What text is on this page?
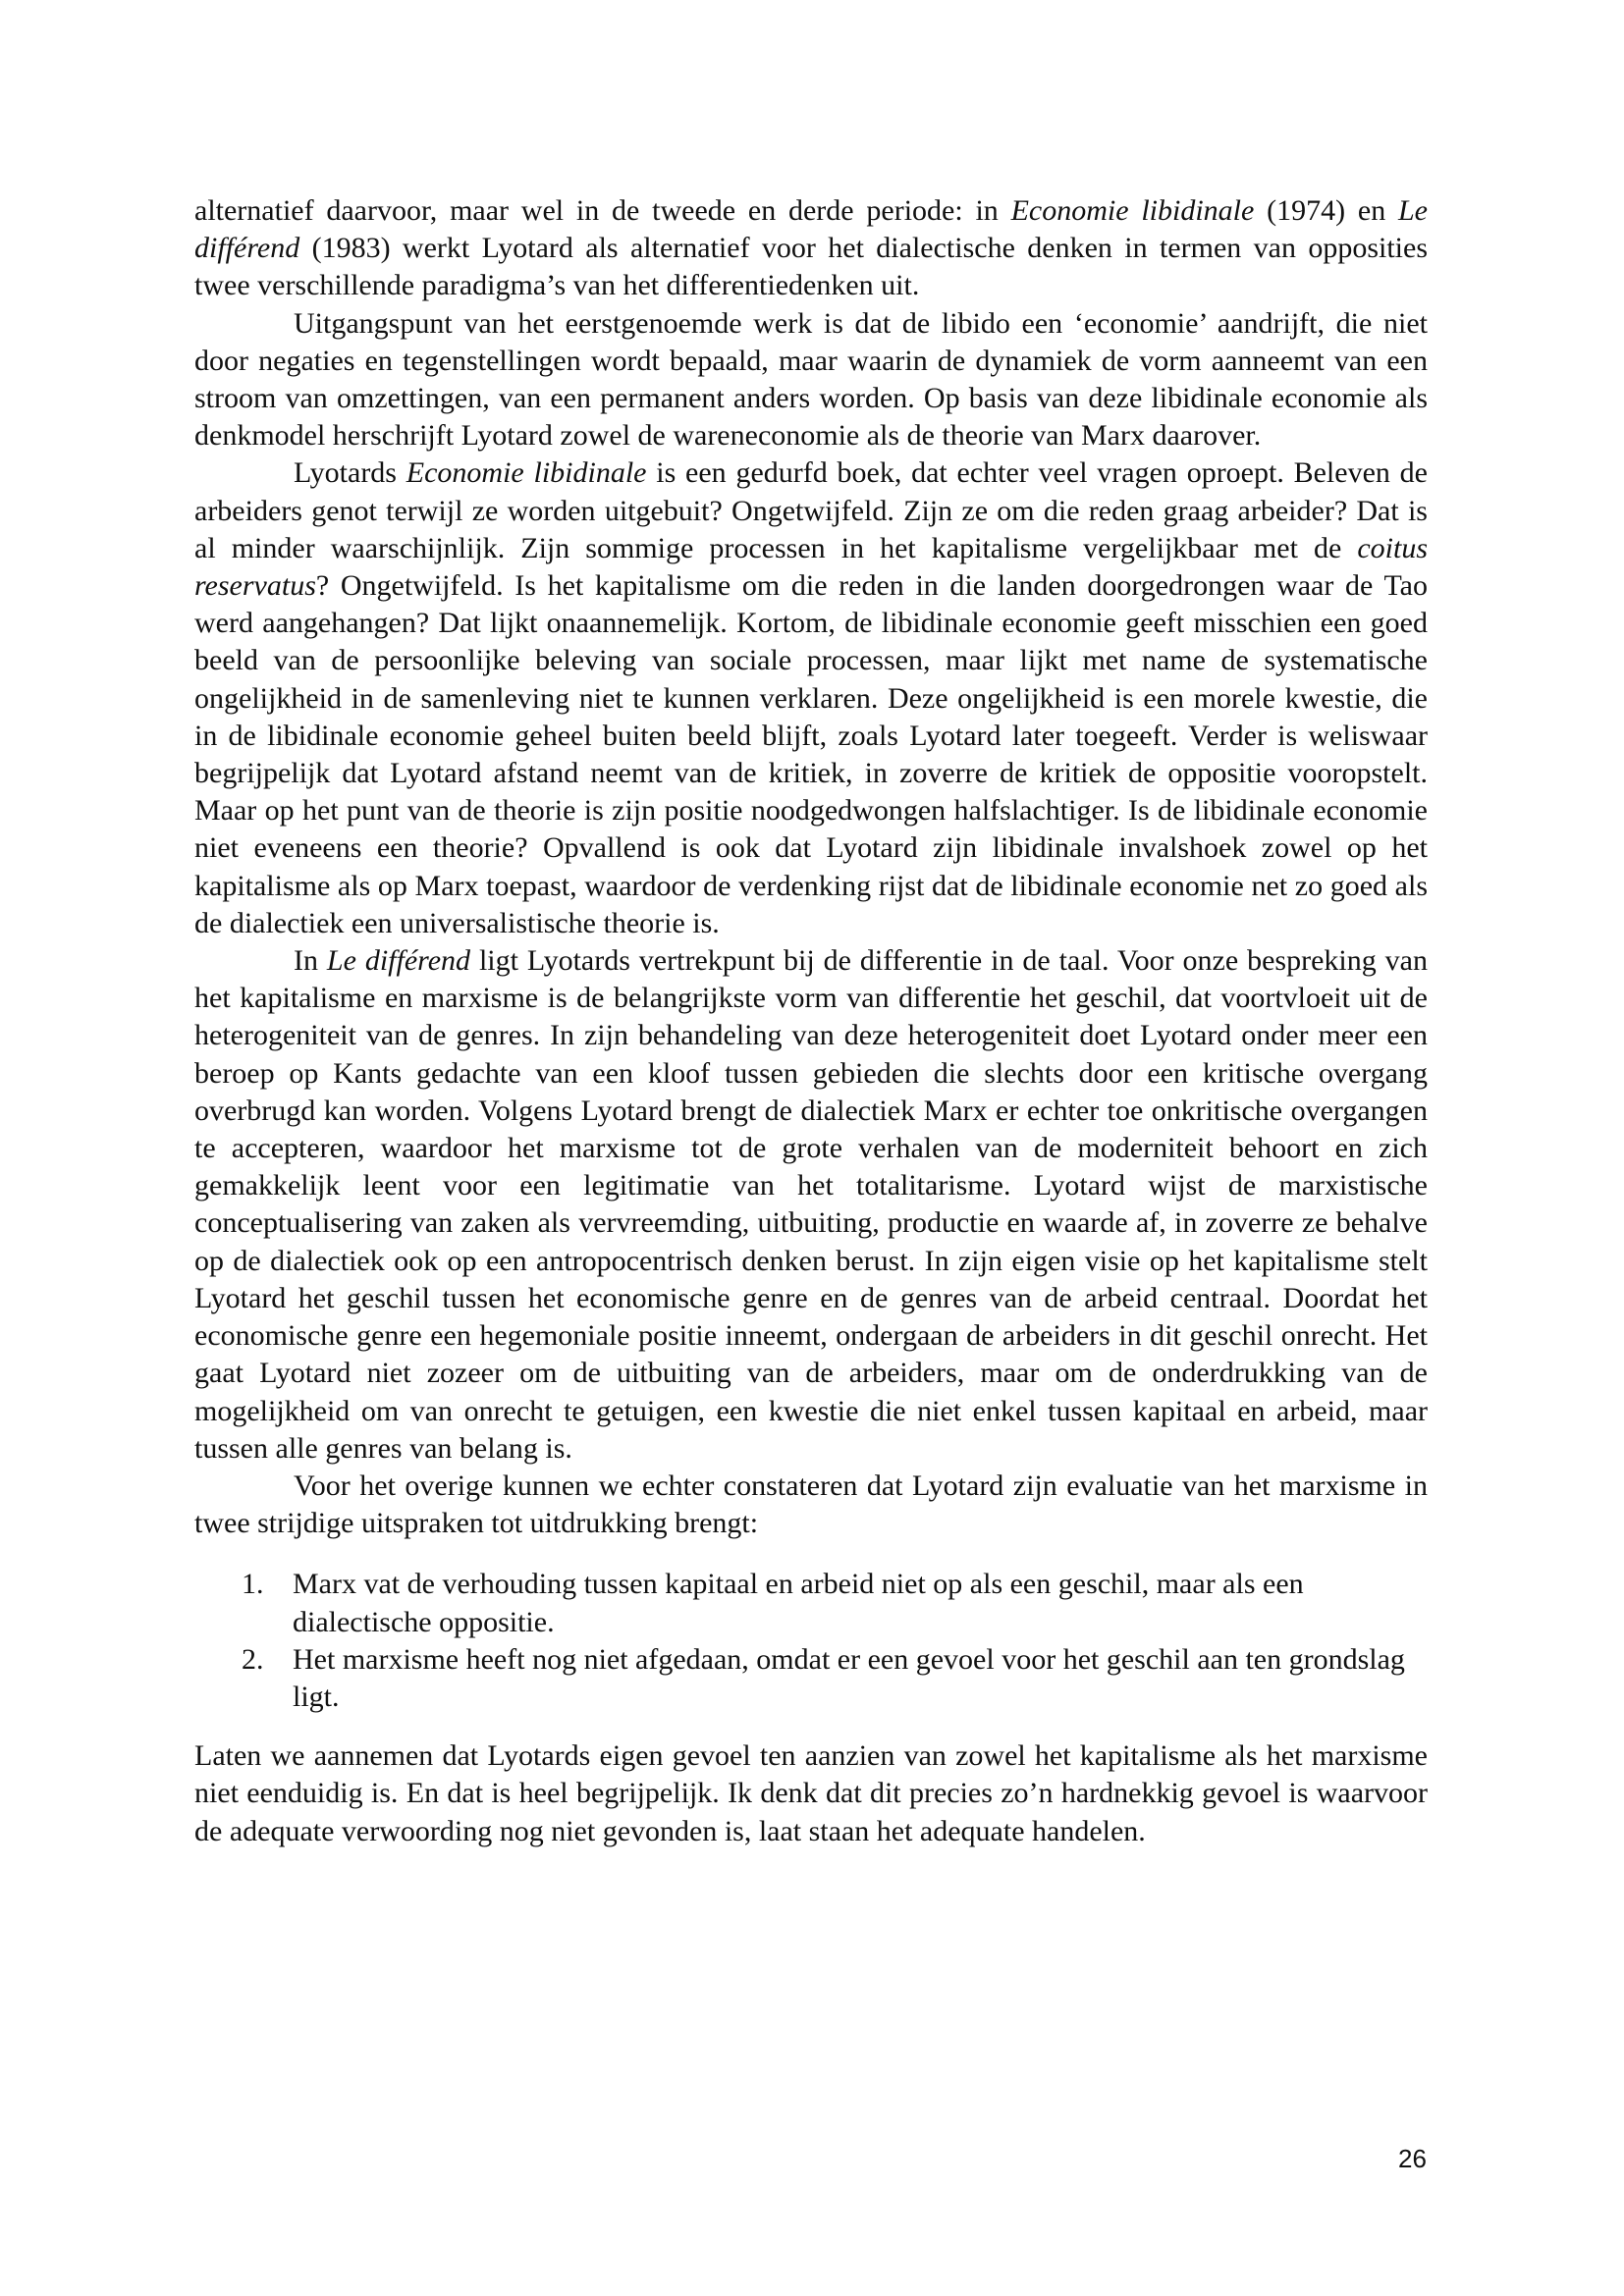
alternatief daarvoor, maar wel in de tweede en derde periode: in Economie libidinale (1974) en Le différend (1983) werkt Lyotard als alternatief voor het dialectische denken in termen van opposities twee verschillende paradigma’s van het differentiedenken uit.

Uitgangspunt van het eerstgenoemde werk is dat de libido een ‘economie’ aandrijft, die niet door negaties en tegenstellingen wordt bepaald, maar waarin de dynamiek de vorm aanneemt van een stroom van omzettingen, van een permanent anders worden. Op basis van deze libidinale economie als denkmodel herschrijft Lyotard zowel de wareneconomie als de theorie van Marx daarover.

Lyotards Economie libidinale is een gedurfd boek, dat echter veel vragen oproept. Beleven de arbeiders genot terwijl ze worden uitgebuit? Ongetwijfeld. Zijn ze om die reden graag arbeider? Dat is al minder waarschijnlijk. Zijn sommige processen in het kapitalisme vergelijkbaar met de coitus reservatus? Ongetwijfeld. Is het kapitalisme om die reden in die landen doorgedrongen waar de Tao werd aangehangen? Dat lijkt onaannemelijk. Kortom, de libidinale economie geeft misschien een goed beeld van de persoonlijke beleving van sociale processen, maar lijkt met name de systematische ongelijkheid in de samenleving niet te kunnen verklaren. Deze ongelijkheid is een morele kwestie, die in de libidinale economie geheel buiten beeld blijft, zoals Lyotard later toegeeft. Verder is weliswaar begrijpelijk dat Lyotard afstand neemt van de kritiek, in zoverre de kritiek de oppositie vooropstelt. Maar op het punt van de theorie is zijn positie noodgedwongen halfslachtiger. Is de libidinale economie niet eveneens een theorie? Opvallend is ook dat Lyotard zijn libidinale invalshoek zowel op het kapitalisme als op Marx toepast, waardoor de verdenking rijst dat de libidinale economie net zo goed als de dialectiek een universalistische theorie is.

In Le différend ligt Lyotards vertrekpunt bij de differentie in de taal. Voor onze bespreking van het kapitalisme en marxisme is de belangrijkste vorm van differentie het geschil, dat voortvloeit uit de heterogeniteit van de genres. In zijn behandeling van deze heterogeniteit doet Lyotard onder meer een beroep op Kants gedachte van een kloof tussen gebieden die slechts door een kritische overgang overbrugd kan worden. Volgens Lyotard brengt de dialectiek Marx er echter toe onkritische overgangen te accepteren, waardoor het marxisme tot de grote verhalen van de moderniteit behoort en zich gemakkelijk leent voor een legitimatie van het totalitarisme. Lyotard wijst de marxistische conceptualisering van zaken als vervreemding, uitbuiting, productie en waarde af, in zoverre ze behalve op de dialectiek ook op een antropocentrisch denken berust. In zijn eigen visie op het kapitalisme stelt Lyotard het geschil tussen het economische genre en de genres van de arbeid centraal. Doordat het economische genre een hegemoniale positie inneemt, ondergaan de arbeiders in dit geschil onrecht. Het gaat Lyotard niet zozeer om de uitbuiting van de arbeiders, maar om de onderdrukking van de mogelijkheid om van onrecht te getuigen, een kwestie die niet enkel tussen kapitaal en arbeid, maar tussen alle genres van belang is.

Voor het overige kunnen we echter constateren dat Lyotard zijn evaluatie van het marxisme in twee strijdige uitspraken tot uitdrukking brengt:

1. Marx vat de verhouding tussen kapitaal en arbeid niet op als een geschil, maar als een dialectische oppositie.
2. Het marxisme heeft nog niet afgedaan, omdat er een gevoel voor het geschil aan ten grondslag ligt.

Laten we aannemen dat Lyotards eigen gevoel ten aanzien van zowel het kapitalisme als het marxisme niet eenduidig is. En dat is heel begrijpelijk. Ik denk dat dit precies zo’n hardnekkig gevoel is waarvoor de adequate verwoording nog niet gevonden is, laat staan het adequate handelen.

26
